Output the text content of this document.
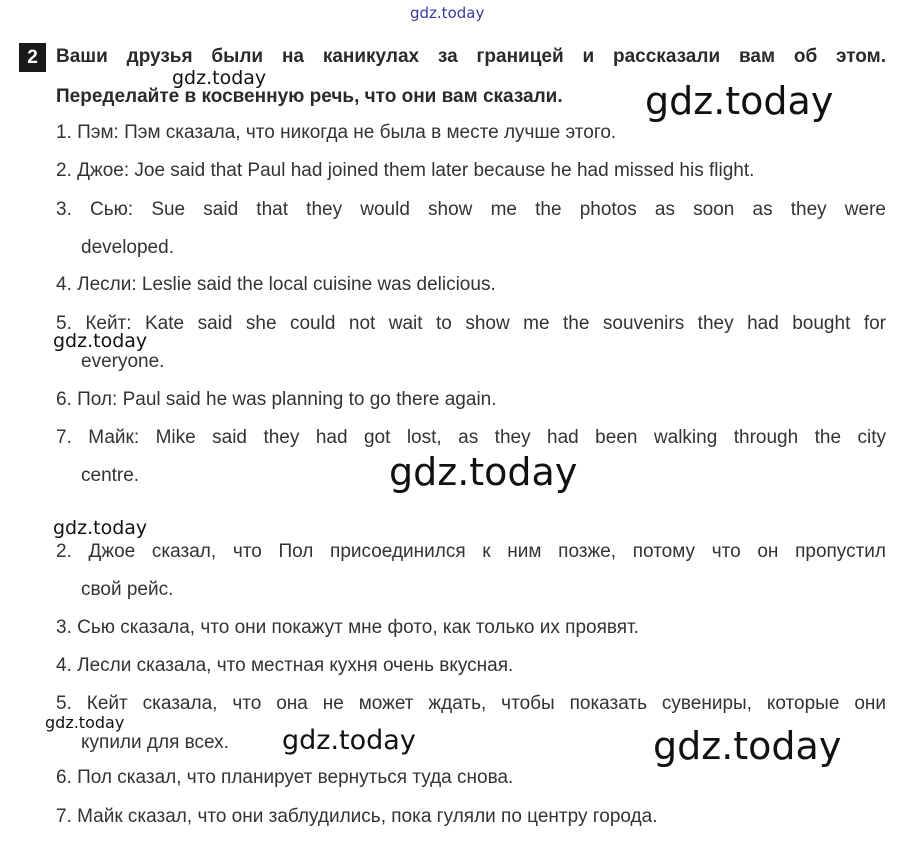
gdz.today
2 Ваши друзья были на каникулах за границей и рассказали вам об этом.
Переделайте в косвенную речь, что они вам сказали.
gdz.today
gdz.today
1. Пэм: Пэм сказала, что никогда не была в месте лучше этого.
2. Джое: Joe said that Paul had joined them later because he had missed his flight.
3. Сью: Sue said that they would show me the photos as soon as they were
developed.
4. Лесли: Leslie said the local cuisine was delicious.
5. Кейт: Kate said she could not wait to show me the souvenirs they had bought for
everyone.
6. Пол: Paul said he was planning to go there again.
7. Майк: Mike said they had got lost, as they had been walking through the city
centre.
gdz.today
gdz.today
gdz.today
2. Джое сказал, что Пол присоединился к ним позже, потому что он пропустил
свой рейс.
3. Сью сказала, что они покажут мне фото, как только их проявят.
4. Лесли сказала, что местная кухня очень вкусная.
5. Кейт сказала, что она не может ждать, чтобы показать сувениры, которые они
купили для всех.
6. Пол сказал, что планирует вернуться туда снова.
7. Майк сказал, что они заблудились, пока гуляли по центру города.
gdz.today
gdz.today	gdz.today
